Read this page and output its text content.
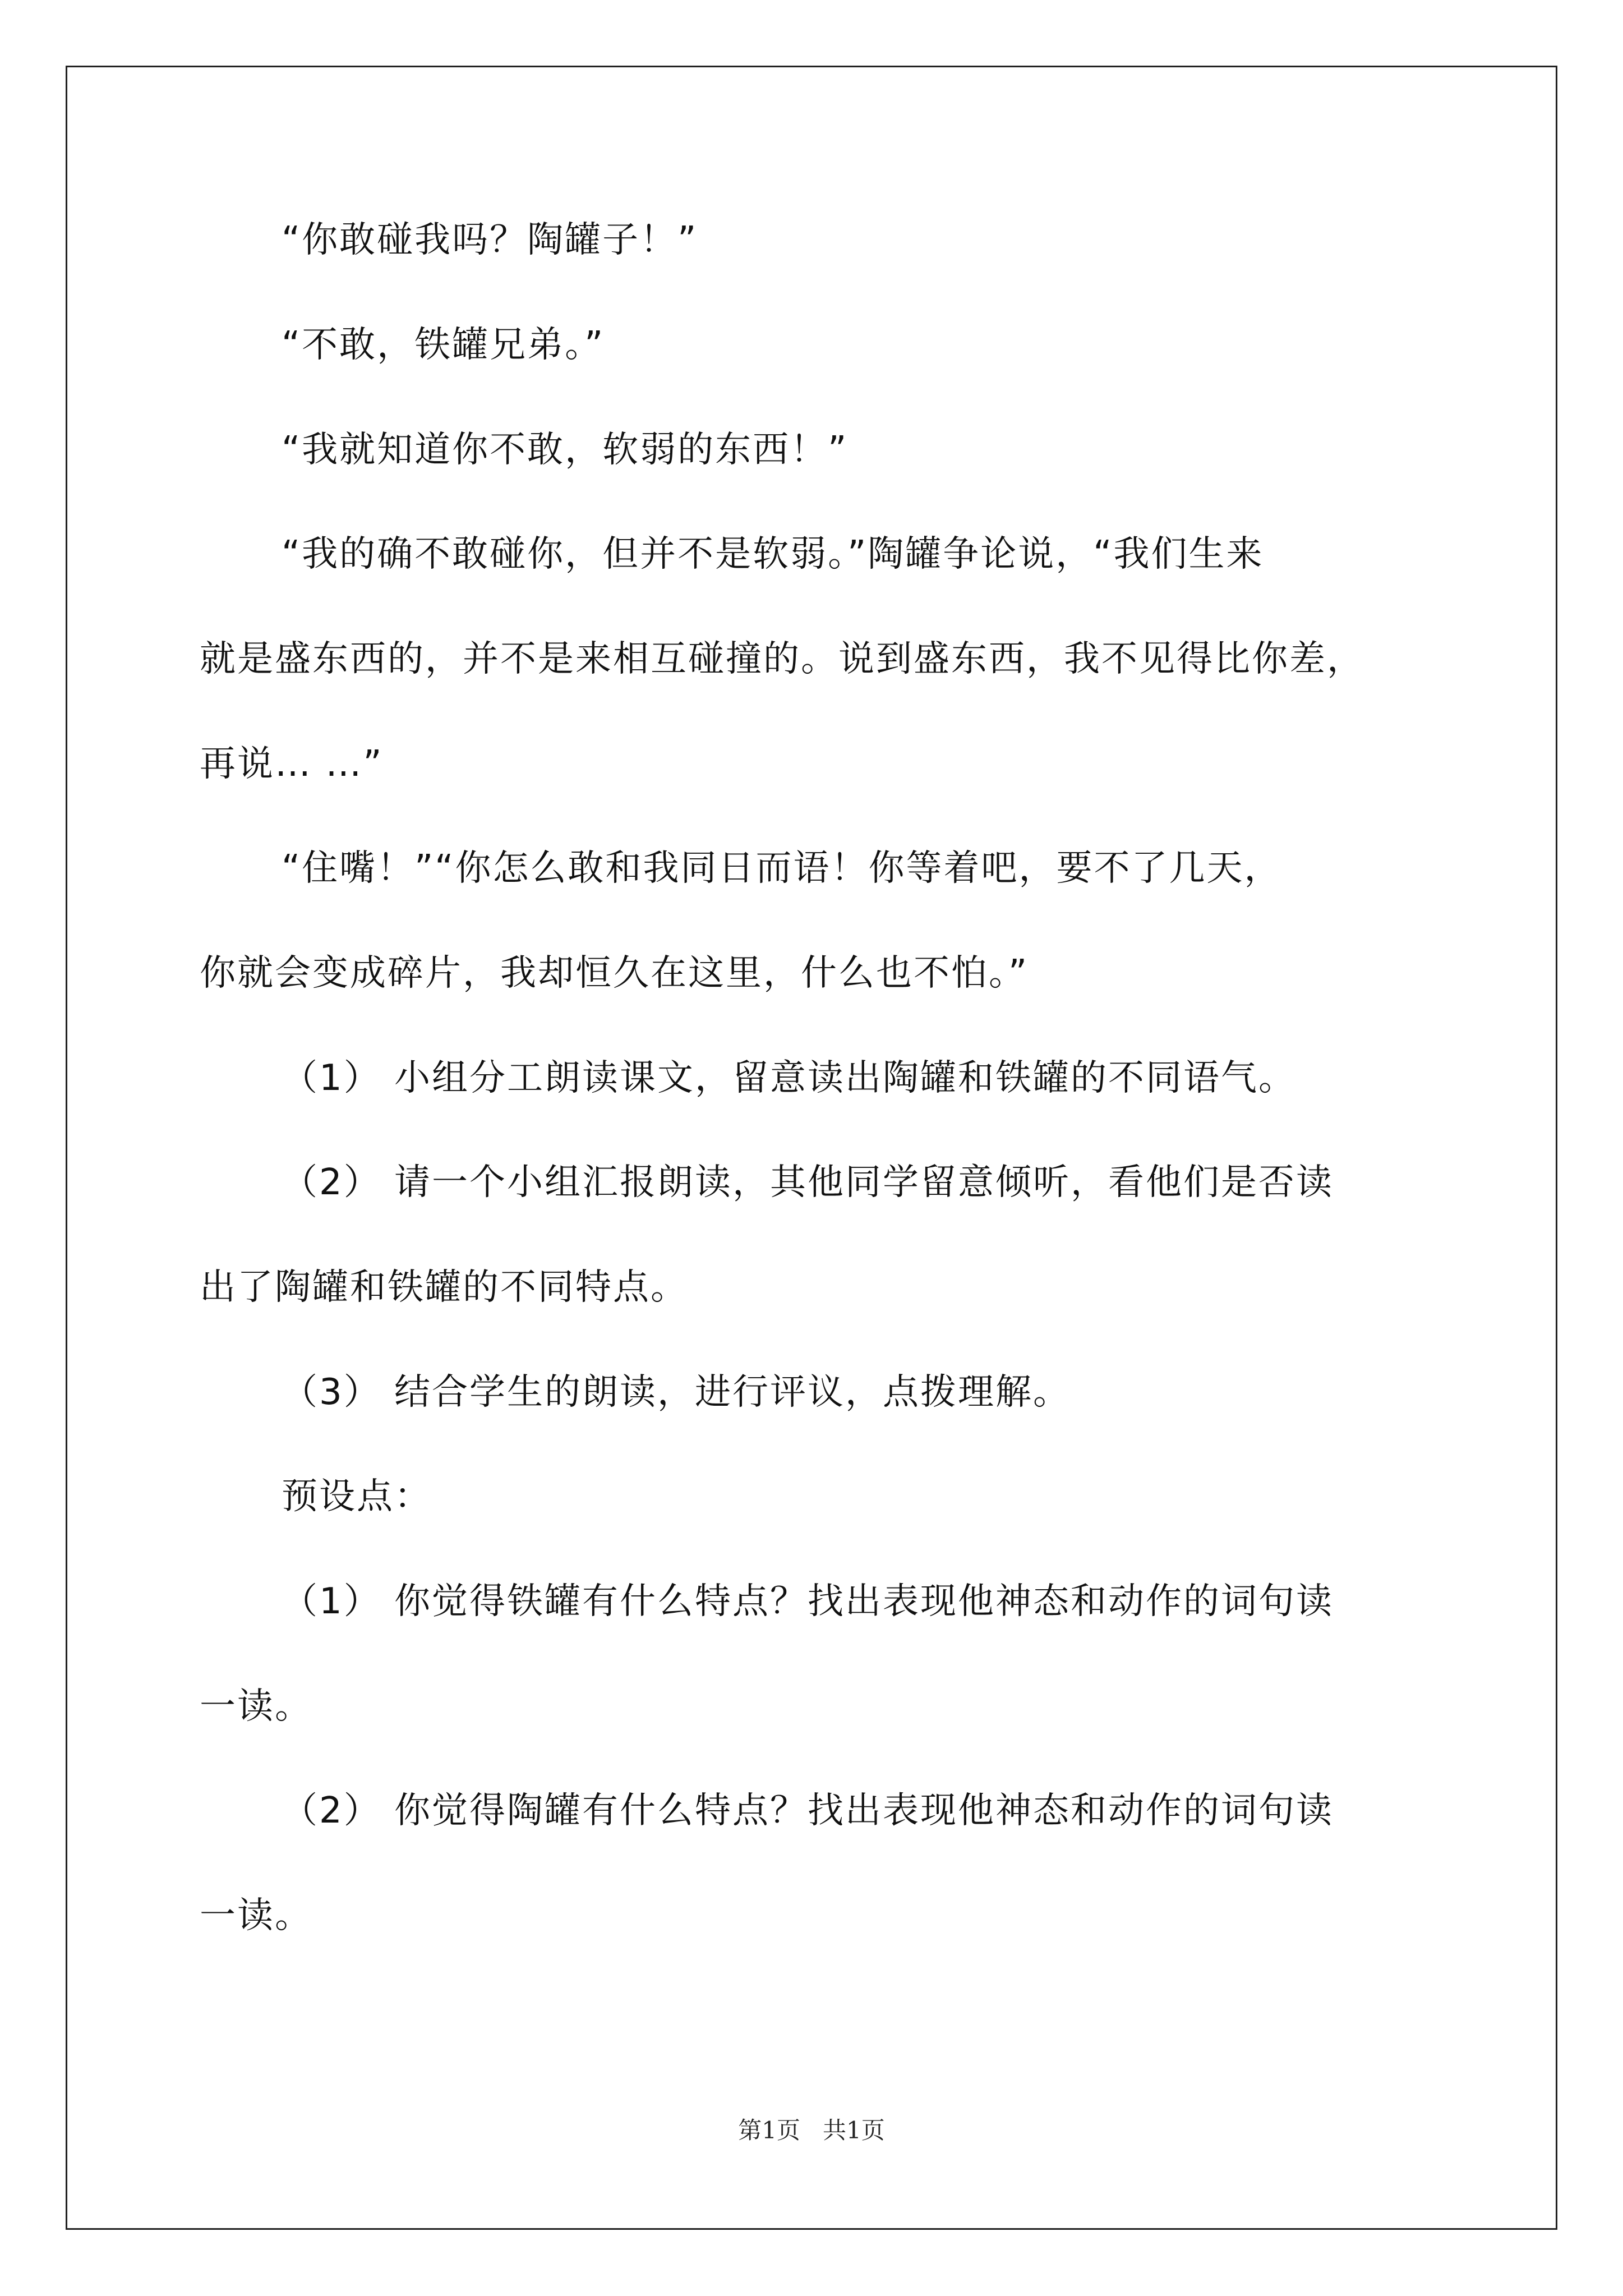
“你敢碰我吗？陶罐子！”
“不敢，铁罐兄弟。”
“我就知道你不敢，软弱的东西！”
“我的确不敢碰你，但并不是软弱。”陶罐争论说，“我们生来
就是盛东西的，并不是来相互碰撞的。说到盛东西，我不见得比你差，
再说… …”
“住嘴！”“你怎么敢和我同日而语！你等着吧，要不了几天，
你就会变成碎片，我却恒久在这里，什么也不怕。”
（1） 小组分工朗读课文，留意读出陶罐和铁罐的不同语气。
（2） 请一个小组汇报朗读，其他同学留意倾听，看他们是否读
出了陶罐和铁罐的不同特点。
（3） 结合学生的朗读，进行评议，点拨理解。
预设点：
（1） 你觉得铁罐有什么特点？找出表现他神态和动作的词句读
一读。
（2） 你觉得陶罐有什么特点？找出表现他神态和动作的词句读
一读。
第1页   共1页
